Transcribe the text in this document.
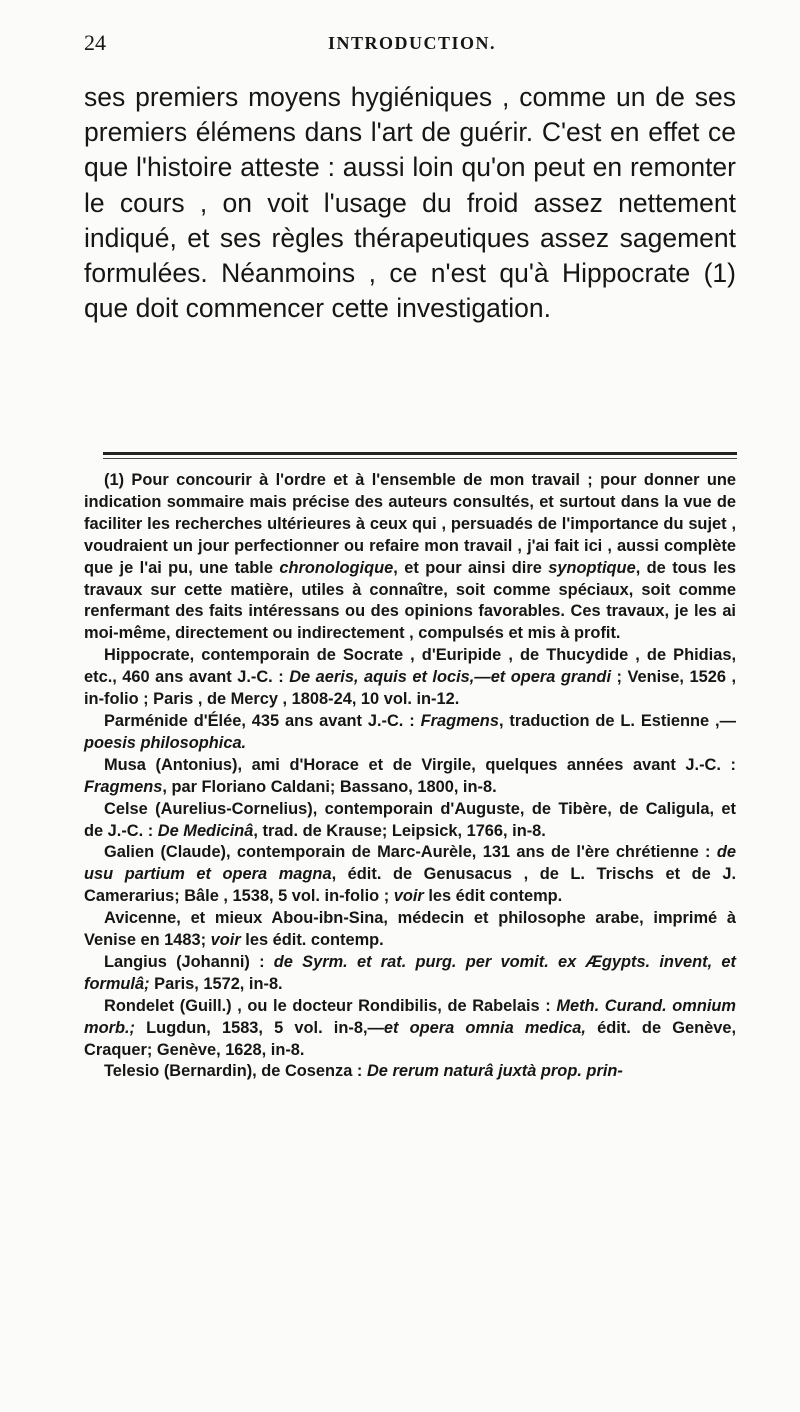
24	INTRODUCTION.

ses premiers moyens hygiéniques , comme un de ses premiers élémens dans l'art de guérir. C'est en effet ce que l'histoire atteste : aussi loin qu'on peut en remonter le cours , on voit l'usage du froid assez nettement indiqué, et ses règles thérapeutiques assez sagement formulées. Néanmoins , ce n'est qu'à Hippocrate (1) que doit commencer cette investigation.

(1) Pour concourir à l'ordre et à l'ensemble de mon travail ; pour donner une indication sommaire mais précise des auteurs consultés, et surtout dans la vue de faciliter les recherches ultérieures à ceux qui , persuadés de l'importance du sujet , voudraient un jour perfectionner ou refaire mon travail , j'ai fait ici , aussi complète que je l'ai pu, une table chronologique, et pour ainsi dire synoptique, de tous les travaux sur cette matière, utiles à connaître, soit comme spéciaux, soit comme renfermant des faits intéressans ou des opinions favorables. Ces travaux, je les ai moi-même, directement ou indirectement , compulsés et mis à profit.

Hippocrate, contemporain de Socrate , d'Euripide , de Thucydide , de Phidias, etc., 460 ans avant J.-C. : De aeris, aquis et locis,—et opera grandi ; Venise, 1526 , in-folio ; Paris , de Mercy , 1808-24, 10 vol. in-12.

Parménide d'Élée, 435 ans avant J.-C. : Fragmens, traduction de L. Estienne ,—poesis philosophica.

Musa (Antonius), ami d'Horace et de Virgile, quelques années avant J.-C. : Fragmens, par Floriano Caldani; Bassano, 1800, in-8.

Celse (Aurelius-Cornelius), contemporain d'Auguste, de Tibère, de Caligula, et de J.-C. : De Medicinâ, trad. de Krause; Leipsick, 1766, in-8.

Galien (Claude), contemporain de Marc-Aurèle, 131 ans de l'ère chrétienne : de usu partium et opera magna, édit. de Genusacus , de L. Trischs et de J. Camerarius; Bâle , 1538, 5 vol. in-folio ; voir les édit contemp.

Avicenne, et mieux Abou-ibn-Sina, médecin et philosophe arabe, imprimé à Venise en 1483; voir les édit. contemp.

Langius (Johanni) : de Syrm. et rat. purg. per vomit. ex Ægypts. invent, et formulâ; Paris, 1572, in-8.

Rondelet (Guill.) , ou le docteur Rondibilis, de Rabelais : Meth. Curand. omnium morb.; Lugdun, 1583, 5 vol. in-8,—et opera omnia medica, édit. de Genève, Craquer; Genève, 1628, in-8.

Telesio (Bernardin), de Cosenza : De rerum naturâ juxtà prop. prin-
